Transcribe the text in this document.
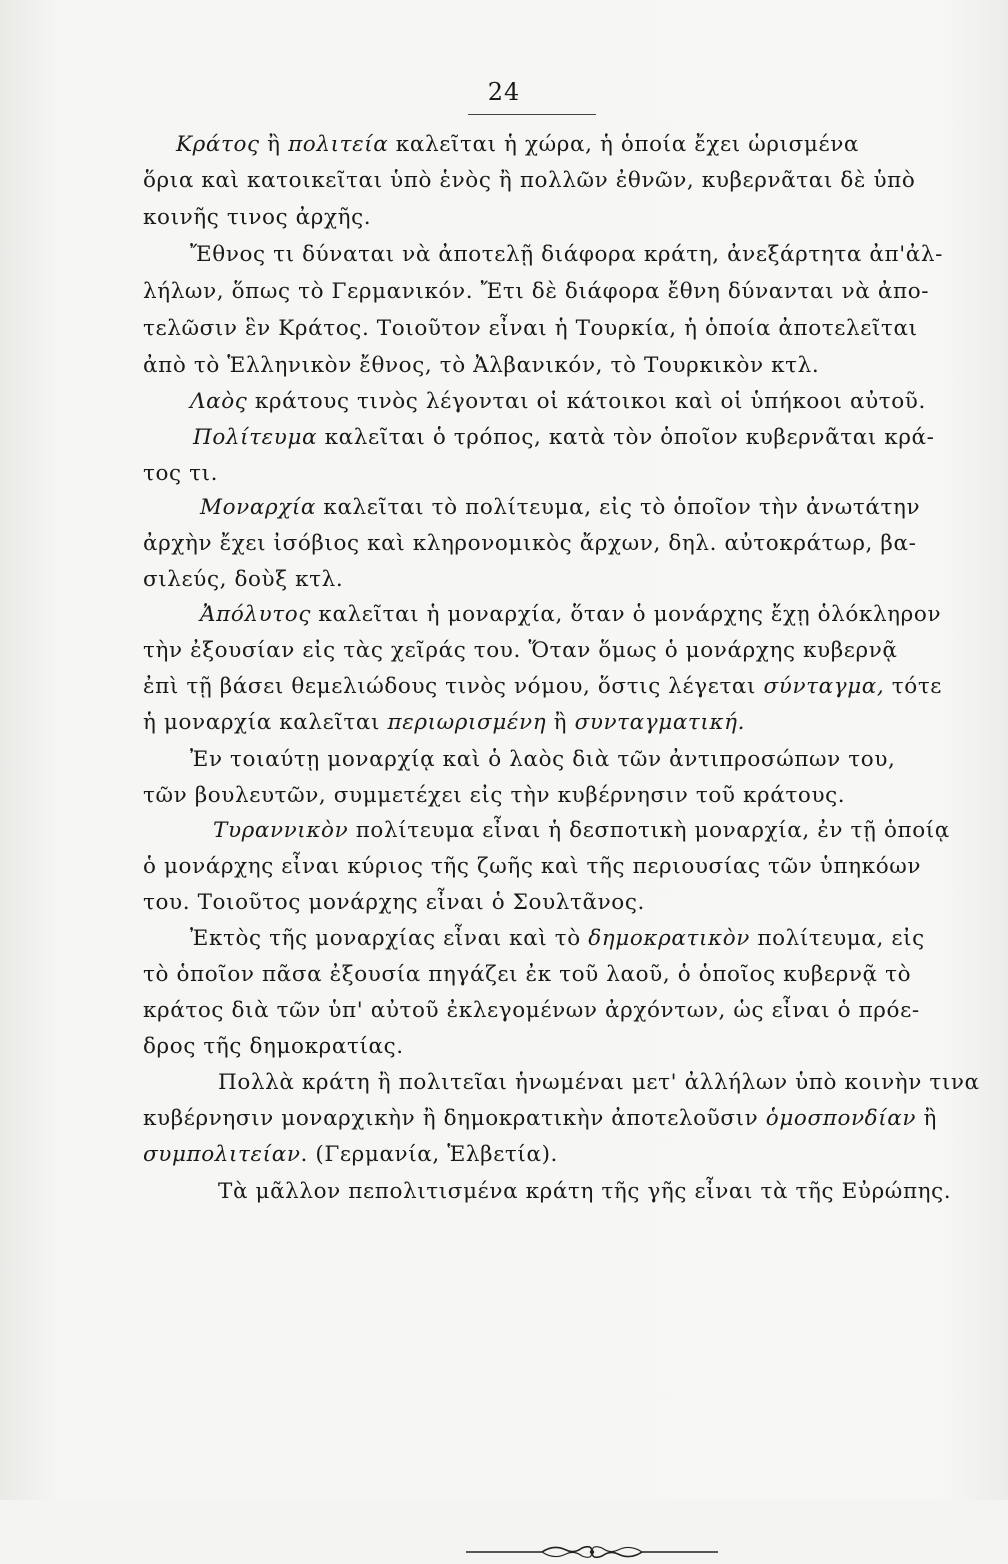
24
Κράτος ἢ πολιτεία καλεῖται ἡ χώρα, ἡ ὁποία ἔχει ὡρισμένα
ὅρια καὶ κατοικεῖται ὑπὸ ἑνὸς ἢ πολλῶν ἐθνῶν, κυβερνᾶται δὲ ὑπὸ
κοινῆς τινος ἀρχῆς.
Ἔθνος τι δύναται νὰ ἀποτελῇ διάφορα κράτη, ἀνεξάρτητα ἀπ'ἀλ-
λήλων, ὅπως τὸ Γερμανικόν. Ἔτι δὲ διάφορα ἔθνη δύνανται νὰ ἀπο-
τελῶσιν ἓν Κράτος. Τοιοῦτον εἶναι ἡ Τουρκία, ἡ ὁποία ἀποτελεῖται
ἀπὸ τὸ Ἑλληνικὸν ἔθνος, τὸ Ἀλβανικόν, τὸ Τουρκικὸν κτλ.
Λαὸς κράτους τινὸς λέγονται οἱ κάτοικοι καὶ οἱ ὑπήκοοι αὐτοῦ.
Πολίτευμα καλεῖται ὁ τρόπος, κατὰ τὸν ὁποῖον κυβερνᾶται κρά-
τος τι.
Μοναρχία καλεῖται τὸ πολίτευμα, εἰς τὸ ὁποῖον τὴν ἀνωτάτην
ἀρχὴν ἔχει ἰσόβιος καὶ κληρονομικὸς ἄρχων, δηλ. αὐτοκράτωρ, βα-
σιλεύς, δοὺξ κτλ.
Ἀπόλυτος καλεῖται ἡ μοναρχία, ὅταν ὁ μονάρχης ἔχῃ ὁλόκληρον
τὴν ἐξουσίαν εἰς τὰς χεῖράς του. Ὅταν ὅμως ὁ μονάρχης κυβερνᾷ
ἐπὶ τῇ βάσει θεμελιώδους τινὸς νόμου, ὅστις λέγεται σύνταγμα, τότε
ἡ μοναρχία καλεῖται περιωρισμένη ἢ συνταγματική.
Ἐν τοιαύτῃ μοναρχίᾳ καὶ ὁ λαὸς διὰ τῶν ἀντιπροσώπων του,
τῶν βουλευτῶν, συμμετέχει εἰς τὴν κυβέρνησιν τοῦ κράτους.
Τυραννικὸν πολίτευμα εἶναι ἡ δεσποτικὴ μοναρχία, ἐν τῇ ὁποίᾳ
ὁ μονάρχης εἶναι κύριος τῆς ζωῆς καὶ τῆς περιουσίας τῶν ὑπηκόων
του. Τοιοῦτος μονάρχης εἶναι ὁ Σουλτᾶνος.
Ἐκτὸς τῆς μοναρχίας εἶναι καὶ τὸ δημοκρατικὸν πολίτευμα, εἰς
τὸ ὁποῖον πᾶσα ἐξουσία πηγάζει ἐκ τοῦ λαοῦ, ὁ ὁποῖος κυβερνᾷ τὸ
κράτος διὰ τῶν ὑπ' αὐτοῦ ἐκλεγομένων ἀρχόντων, ὡς εἶναι ὁ πρόε-
δρος τῆς δημοκρατίας.
Πολλὰ κράτη ἢ πολιτεῖαι ἡνωμέναι μετ' ἀλλήλων ὑπὸ κοινὴν τινα
κυβέρνησιν μοναρχικὴν ἢ δημοκρατικὴν ἀποτελοῦσιν ὁμοσπονδίαν ἢ
συμπολιτείαν. (Γερμανία, Ἑλβετία).
Τὰ μᾶλλον πεπολιτισμένα κράτη τῆς γῆς εἶναι τὰ τῆς Εὐρώπης.
